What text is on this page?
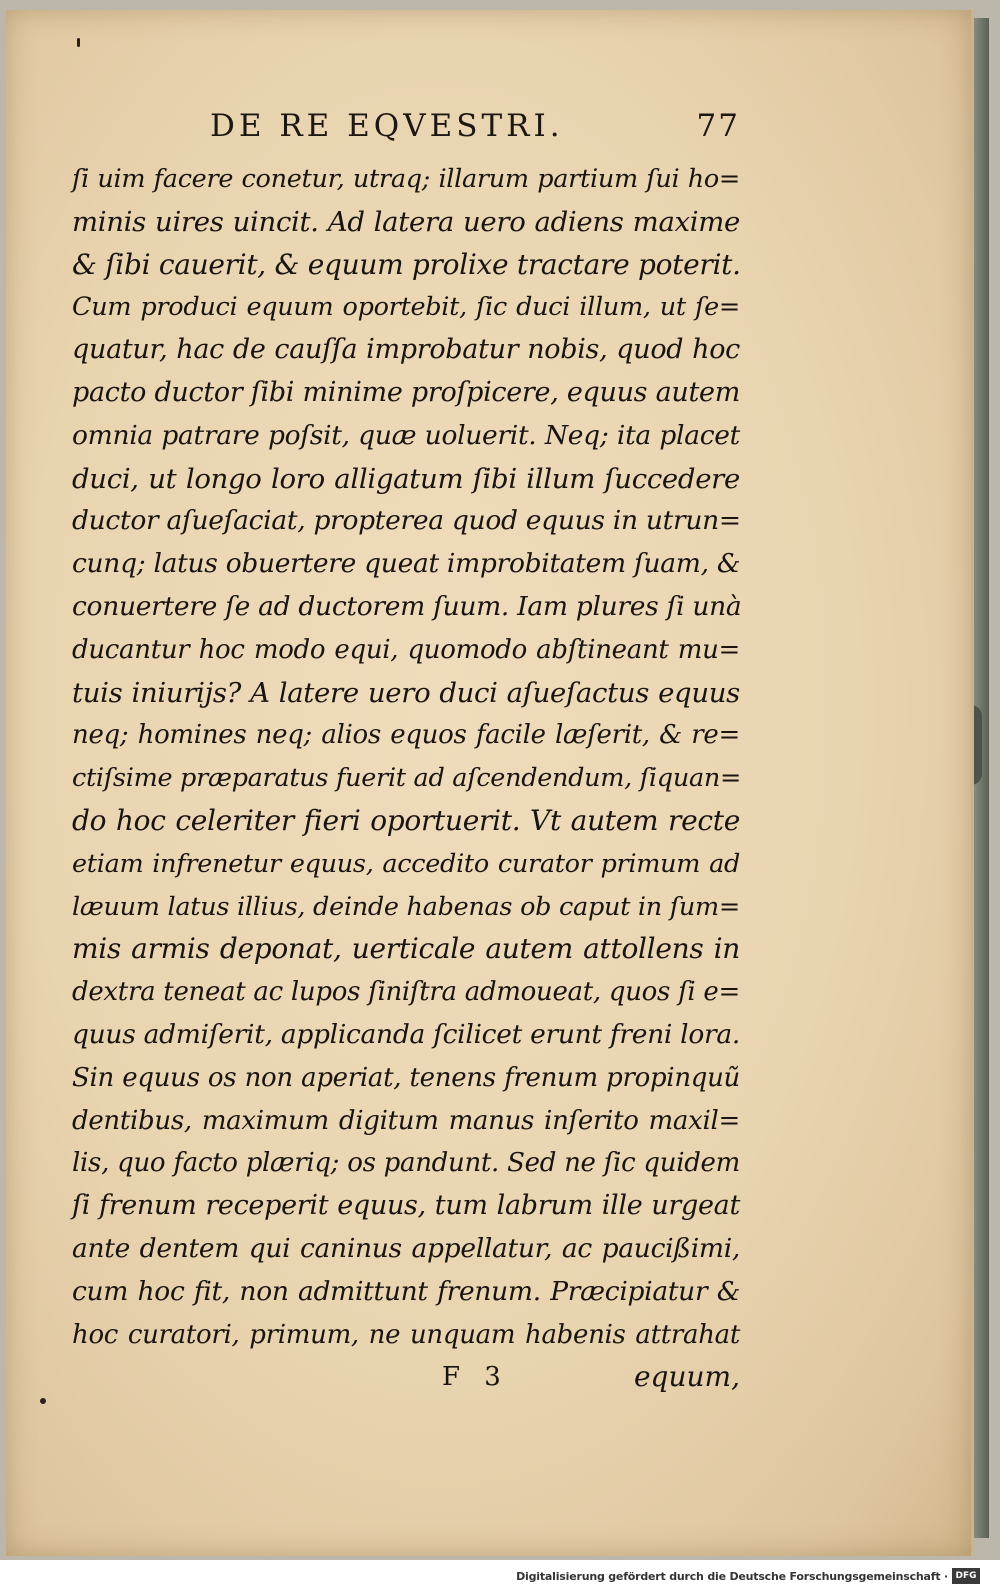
DE RE EQVESTRI.	77
ſi uim facere conetur, utraq; illarum partium ſui ho=
minis uires uincit. Ad latera uero adiens maxime
& ſibi cauerit, & equum prolixe tractare poterit.
Cum produci equum oportebit, ſic duci illum, ut ſe=
quatur, hac de cauſſa improbatur nobis, quod hoc
pacto ductor ſibi minime proſpicere, equus autem
omnia patrare poſsit, quæ uoluerit. Neq; ita placet
duci, ut longo loro alligatum ſibi illum ſuccedere
ductor aſueſaciat, propterea quod equus in utrun=
cunq; latus obuertere queat improbitatem ſuam, &
conuertere ſe ad ductorem ſuum. Iam plures ſi unà
ducantur hoc modo equi, quomodo abſtineant mu=
tuis iniurijs? A latere uero duci aſueſactus equus
neq; homines neq; alios equos facile læſerit, & re=
ctiſsime præparatus fuerit ad aſcendendum, ſiquan=
do hoc celeriter fieri oportuerit. Vt autem recte
etiam infrenetur equus, accedito curator primum ad
læuum latus illius, deinde habenas ob caput in ſum=
mis armis deponat, uerticale autem attollens in
dextra teneat ac lupos ſiniſtra admoueat, quos ſi e=
quus admiſerit, applicanda ſcilicet erunt freni lora.
Sin equus os non aperiat, tenens frenum propinquũ
dentibus, maximum digitum manus inſerito maxil=
lis, quo facto plæriq; os pandunt. Sed ne ſic quidem
ſi frenum receperit equus, tum labrum ille urgeat
ante dentem qui caninus appellatur, ac paucißimi,
cum hoc fit, non admittunt frenum. Præcipiatur &
hoc curatori, primum, ne unquam habenis attrahat
F 3	equum,
Digitalisierung gefördert durch die Deutsche Forschungsgemeinschaft · DFG
